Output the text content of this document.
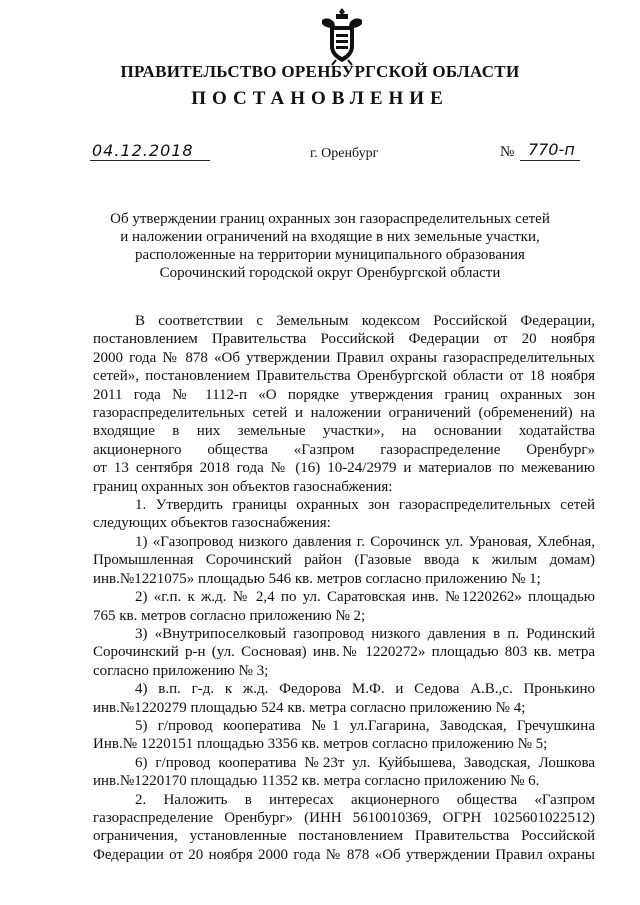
ПРАВИТЕЛЬСТВО ОРЕНБУРГСКОЙ ОБЛАСТИ
ПОСТАНОВЛЕНИЕ
04.12.2018	г. Оренбург	№ 770-п
Об утверждении границ охранных зон газораспределительных сетей
и наложении ограничений на входящие в них земельные участки,
расположенные на территории муниципального образования
Сорочинский городской округ Оренбургской области
В соответствии с Земельным кодексом Российской Федерации,
постановлением Правительства Российской Федерации от 20 ноября
2000 года № 878 «Об утверждении Правил охраны газораспределительных
сетей», постановлением Правительства Оренбургской области от 18 ноября
2011 года № 1112-п «О порядке утверждения границ охранных зон
газораспределительных сетей и наложении ограничений (обременений) на
входящие в них земельные участки», на основании ходатайства
акционерного общества «Газпром газораспределение Оренбург»
от 13 сентября 2018 года № (16) 10-24/2979 и материалов по межеванию
границ охранных зон объектов газоснабжения:
1. Утвердить границы охранных зон газораспределительных сетей
следующих объектов газоснабжения:
1) «Газопровод низкого давления г. Сорочинск ул. Урановая, Хлебная,
Промышленная Сорочинский район (Газовые ввода к жилым домам)
инв.№1221075» площадью 546 кв. метров согласно приложению № 1;
2) «г.п. к ж.д. № 2,4 по ул. Саратовская инв. №1220262» площадью
765 кв. метров согласно приложению № 2;
3) «Внутрипоселковый газопровод низкого давления в п. Родинский
Сорочинский р-н (ул. Сосновая) инв.№ 1220272» площадью 803 кв. метра
согласно приложению № 3;
4) в.п. г-д. к ж.д. Федорова М.Ф. и Седова А.В.,с. Пронькино
инв.№1220279 площадью 524 кв. метра согласно приложению № 4;
5) г/провод кооператива №1 ул.Гагарина, Заводская, Гречушкина
Инв.№ 1220151 площадью 3356 кв. метров согласно приложению № 5;
6) г/провод кооператива №23т ул. Куйбышева, Заводская, Лошкова
инв.№1220170 площадью 11352 кв. метра согласно приложению № 6.
2. Наложить в интересах акционерного общества «Газпром
газораспределение Оренбург» (ИНН 5610010369, ОГРН 1025601022512)
ограничения, установленные постановлением Правительства Российской
Федерации от 20 ноября 2000 года № 878 «Об утверждении Правил охраны
